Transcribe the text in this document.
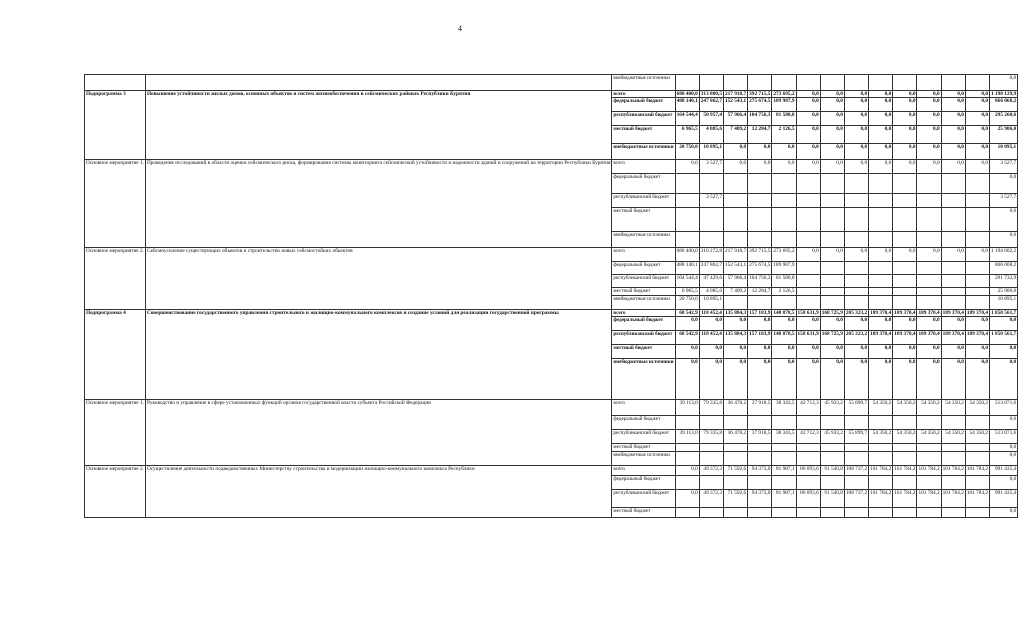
4
		внебюджетные источники														0,0
Подпрограмма 3	Повышение устойчивости жилых домов, основных объектов и систем жизнеобеспечения в сейсмических районах Республики Бурятия	всего	680 400,0	313 800,5	217 918,7	392 715,5	273 695,2	0,0	0,0	0,0	0,0	0,0	0,0	0,0	0,0	1 198 129,9
		федеральный бюджет	488 140,1	247 862,7	152 543,1	275 674,5	189 987,9	0,0	0,0	0,0	0,0	0,0	0,0	0,0	0,0	866 068,2
		республиканский бюджет	164 544,4	50 957,4	57 966,4	104 756,3	81 580,8	0,0	0,0	0,0	0,0	0,0	0,0	0,0	0,0	295 260,6
		местный бюджет	6 965,5	4 085,6	7 409,2	12 284,7	2 126,5	0,0	0,0	0,0	0,0	0,0	0,0	0,0	0,0	25 906,0
		внебюджетные источники	20 750,0	10 895,1	0,0	0,0	0,0	0,0	0,0	0,0	0,0	0,0	0,0	0,0	0,0	10 895,1
Основное мероприятие 1.	Проведение исследований в области оценки сейсмического риска, формирования системы мониторинга сейсмической устойчивости и надежности зданий и сооружений на территории Республики Бурятия	всего	0,0	3 527,7	0,0	0,0	0,0	0,0	0,0	0,0	0,0	0,0	0,0	0,0	0,0	3 527,7
		федеральный бюджет														0,0
		республиканский бюджет		3 527,7												3 527,7
		местный бюджет														0,0
		внебюджетные источники														0,0
Основное мероприятие 2.	Сейсмоусиление существующих объектов и строительство новых сейсмостойких объектов	всего	680 400,0	310 272,8	217 918,7	392 715,5	273 695,2	0,0	0,0	0,0	0,0	0,0	0,0	0,0	0,0	1 194 602,2
		федеральный бюджет	488 140,1	247 862,7	152 543,1	275 674,5	189 987,9									866 068,2
		республиканский бюджет	164 544,4	47 429,6	57 966,4	104 756,3	81 580,8									291 732,9
		местный бюджет	6 965,5	4 085,6	7 409,2	12 284,7	2 126,5									25 906,0
		внебюджетные источники	20 750,0	10 895,1												10 895,1
Подпрограмма 4	Совершенствование государственного управления строительного и жилищно-коммунального комплексов и создание условий для реализации государственной программы	всего	68 542,9	118 452,4	135 884,3	157 183,9	148 878,5	158 631,9	168 725,9	205 323,2	189 370,4	189 370,4	189 370,4	189 370,4	189 370,4	1 850 561,7
		федеральный бюджет	0,0	0,0	0,0	0,0	0,0	0,0	0,0	0,0	0,0	0,0	0,0	0,0	0,0	0,0
		республиканский бюджет	68 542,9	118 452,4	135 884,3	157 183,9	148 878,5	158 631,9	168 725,9	205 323,2	189 370,4	189 370,4	189 370,4	189 370,4	189 370,4	1 850 561,7
		местный бюджет	0,0	0,0	0,0	0,0	0,0	0,0	0,0	0,0	0,0	0,0	0,0	0,0	0,0	0,0
		внебюджетные источники	0,0	0,0	0,0	0,0	0,0	0,0	0,0	0,0	0,0	0,0	0,0	0,0	0,0	0,0
Основное мероприятие 1.	Руководство и управление в сфере установленных функций органов государственной власти субъекта Российской Федерации	всего	39 113,0	79 335,8	36 478,2	37 918,5	38 343,5	42 712,3	45 933,2	55 899,7	54 350,2	54 350,2	54 350,2	54 350,2	54 350,2	513 071,6
		федеральный бюджет														0,0
		республиканский бюджет	39 113,0	79 335,8	36 478,2	37 918,5	38 343,5	42 712,3	45 933,2	55 899,7	54 350,2	54 350,2	54 350,2	54 350,2	54 350,2	513 071,6
		местный бюджет														0,0
		внебюджетные источники														0,0
Основное мероприятие 2.	Осуществление деятельности подведомственных Министерству строительства и модернизации жилищно-коммунального комплекса Республики	всего	0,0	49 372,3	71 592,6	94 373,0	81 987,1	86 093,6	91 540,8	108 737,2	101 784,2	101 784,2	101 784,2	101 784,2	101 784,2	991 435,4
		федеральный бюджет														0,0
		республиканский бюджет	0,0	49 372,3	71 592,6	94 373,0	81 987,1	86 093,6	91 540,8	108 737,2	101 784,2	101 784,2	101 784,2	101 784,2	101 784,2	991 435,4
		местный бюджет														0,0
